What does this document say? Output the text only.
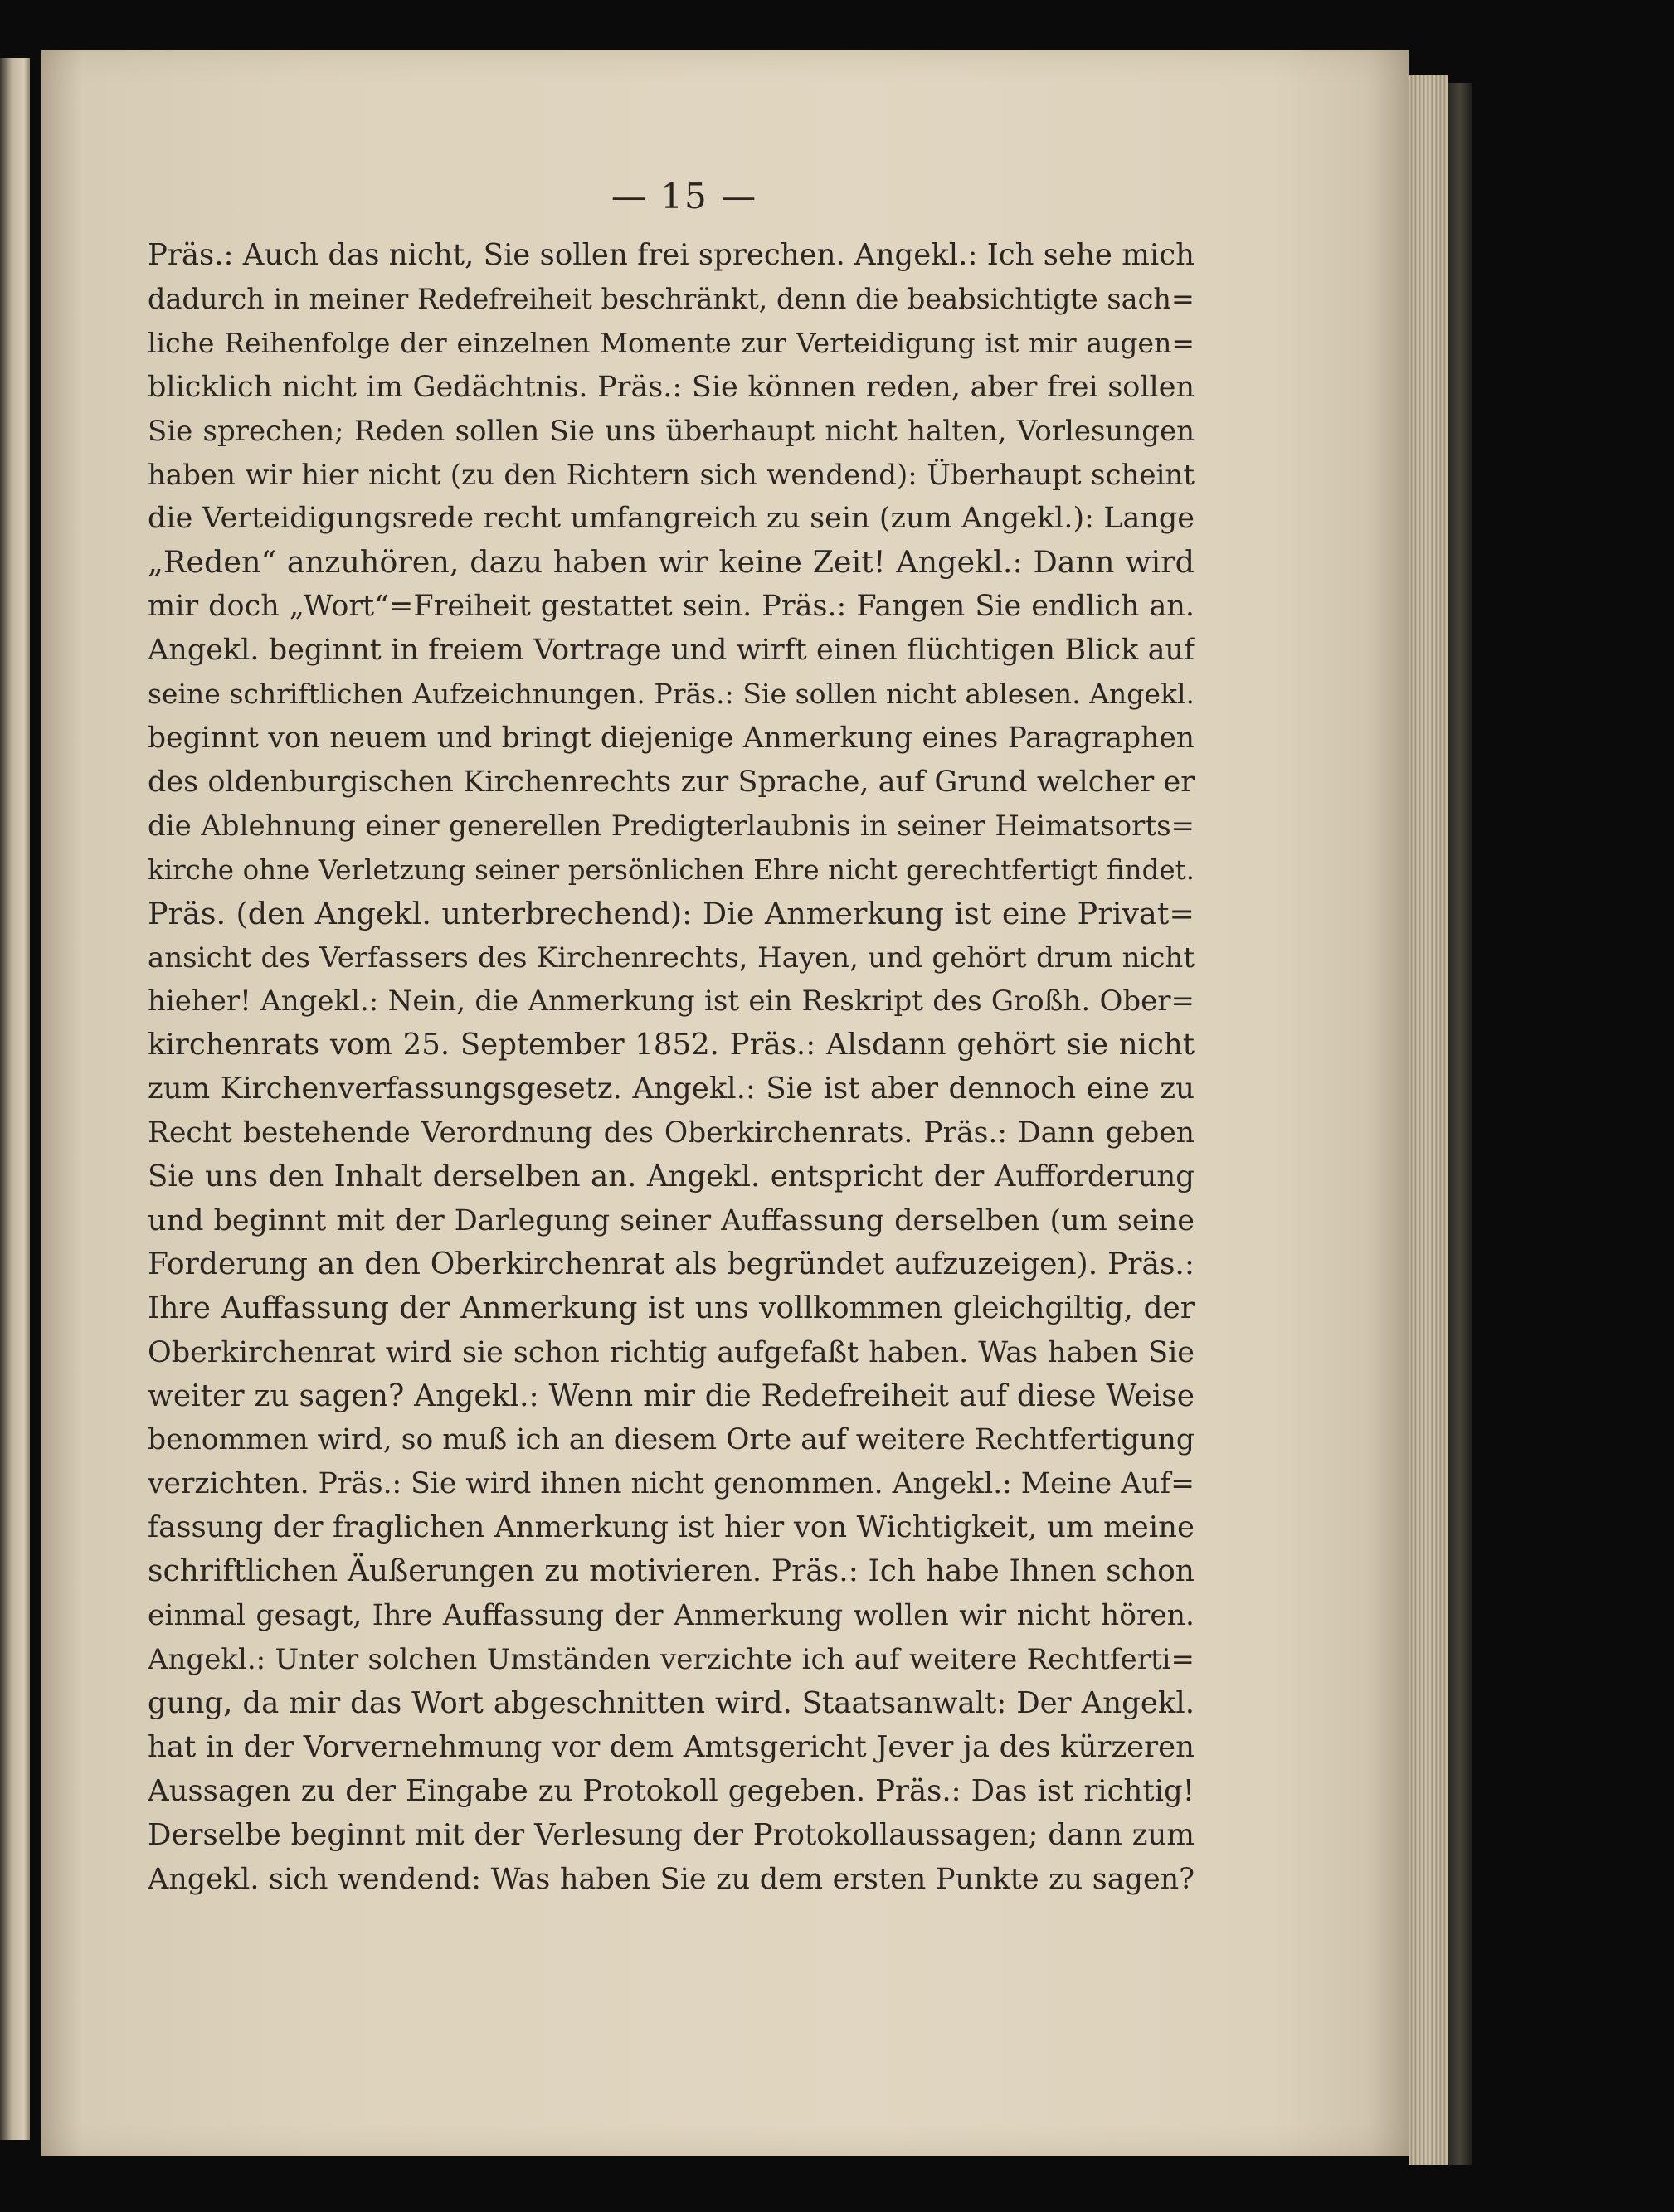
— 15 —
Präs.: Auch das nicht, Sie sollen frei sprechen. Angekl.: Ich sehe mich
dadurch in meiner Redefreiheit beschränkt, denn die beabsichtigte sach=
liche Reihenfolge der einzelnen Momente zur Verteidigung ist mir augen=
blicklich nicht im Gedächtnis. Präs.: Sie können reden, aber frei sollen
Sie sprechen; Reden sollen Sie uns überhaupt nicht halten, Vorlesungen
haben wir hier nicht (zu den Richtern sich wendend): Überhaupt scheint
die Verteidigungsrede recht umfangreich zu sein (zum Angekl.): Lange
„Reden“ anzuhören, dazu haben wir keine Zeit! Angekl.: Dann wird
mir doch „Wort“=Freiheit gestattet sein. Präs.: Fangen Sie endlich an.
Angekl. beginnt in freiem Vortrage und wirft einen flüchtigen Blick auf
seine schriftlichen Aufzeichnungen. Präs.: Sie sollen nicht ablesen. Angekl.
beginnt von neuem und bringt diejenige Anmerkung eines Paragraphen
des oldenburgischen Kirchenrechts zur Sprache, auf Grund welcher er
die Ablehnung einer generellen Predigterlaubnis in seiner Heimatsorts=
kirche ohne Verletzung seiner persönlichen Ehre nicht gerechtfertigt findet.
Präs. (den Angekl. unterbrechend): Die Anmerkung ist eine Privat=
ansicht des Verfassers des Kirchenrechts, Hayen, und gehört drum nicht
hieher! Angekl.: Nein, die Anmerkung ist ein Reskript des Großh. Ober=
kirchenrats vom 25. September 1852. Präs.: Alsdann gehört sie nicht
zum Kirchenverfassungsgesetz. Angekl.: Sie ist aber dennoch eine zu
Recht bestehende Verordnung des Oberkirchenrats. Präs.: Dann geben
Sie uns den Inhalt derselben an. Angekl. entspricht der Aufforderung
und beginnt mit der Darlegung seiner Auffassung derselben (um seine
Forderung an den Oberkirchenrat als begründet aufzuzeigen). Präs.:
Ihre Auffassung der Anmerkung ist uns vollkommen gleichgiltig, der
Oberkirchenrat wird sie schon richtig aufgefaßt haben. Was haben Sie
weiter zu sagen? Angekl.: Wenn mir die Redefreiheit auf diese Weise
benommen wird, so muß ich an diesem Orte auf weitere Rechtfertigung
verzichten. Präs.: Sie wird ihnen nicht genommen. Angekl.: Meine Auf=
fassung der fraglichen Anmerkung ist hier von Wichtigkeit, um meine
schriftlichen Äußerungen zu motivieren. Präs.: Ich habe Ihnen schon
einmal gesagt, Ihre Auffassung der Anmerkung wollen wir nicht hören.
Angekl.: Unter solchen Umständen verzichte ich auf weitere Rechtferti=
gung, da mir das Wort abgeschnitten wird. Staatsanwalt: Der Angekl.
hat in der Vorvernehmung vor dem Amtsgericht Jever ja des kürzeren
Aussagen zu der Eingabe zu Protokoll gegeben. Präs.: Das ist richtig!
Derselbe beginnt mit der Verlesung der Protokollaussagen; dann zum
Angekl. sich wendend: Was haben Sie zu dem ersten Punkte zu sagen?
